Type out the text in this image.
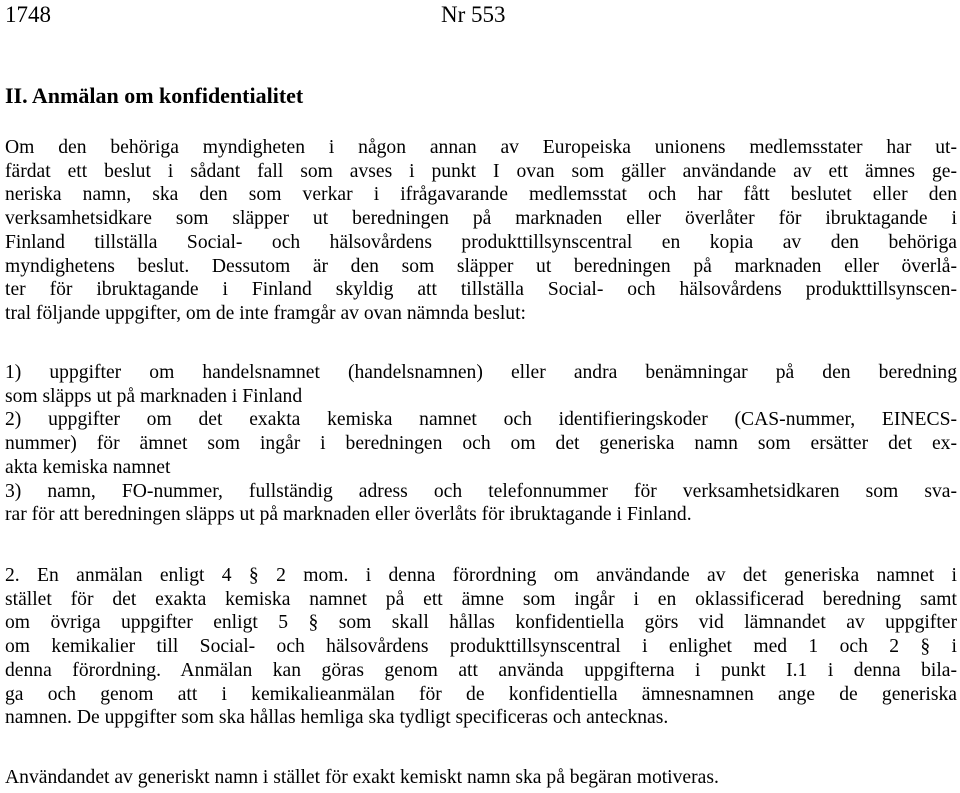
1748	Nr 553
II. Anmälan om konfidentialitet

Om den behöriga myndigheten i någon annan av Europeiska unionens medlemsstater har ut-
färdat ett beslut i sådant fall som avses i punkt I ovan som gäller användande av ett ämnes ge-
neriska namn, ska den som verkar i ifrågavarande medlemsstat och har fått beslutet eller den
verksamhetsidkare som släpper ut beredningen på marknaden eller överlåter för ibruktagande i
Finland tillställa Social- och hälsovårdens produkttillsynscentral en kopia av den behöriga
myndighetens beslut. Dessutom är den som släpper ut beredningen på marknaden eller överlå-
ter för ibruktagande i Finland skyldig att tillställa Social- och hälsovårdens produkttillsynscen-
tral följande uppgifter, om de inte framgår av ovan nämnda beslut:

1) uppgifter om handelsnamnet (handelsnamnen) eller andra benämningar på den beredning
som släpps ut på marknaden i Finland
2) uppgifter om det exakta kemiska namnet och identifieringskoder (CAS-nummer, EINECS-
nummer) för ämnet som ingår i beredningen och om det generiska namn som ersätter det ex-
akta kemiska namnet
3) namn, FO-nummer, fullständig adress och telefonnummer för verksamhetsidkaren som sva-
rar för att beredningen släpps ut på marknaden eller överlåts för ibruktagande i Finland.

2. En anmälan enligt 4 § 2 mom. i denna förordning om användande av det generiska namnet i
stället för det exakta kemiska namnet på ett ämne som ingår i en oklassificerad beredning samt
om övriga uppgifter enligt 5 § som skall hållas konfidentiella görs vid lämnandet av uppgifter
om kemikalier till Social- och hälsovårdens produkttillsynscentral i enlighet med 1 och 2 § i
denna förordning. Anmälan kan göras genom att använda uppgifterna i punkt I.1 i denna bila-
ga och genom att i kemikalieanmälan för de konfidentiella ämnesnamnen ange de generiska
namnen. De uppgifter som ska hållas hemliga ska tydligt specificeras och antecknas.

Användandet av generiskt namn i stället för exakt kemiskt namn ska på begäran motiveras.
